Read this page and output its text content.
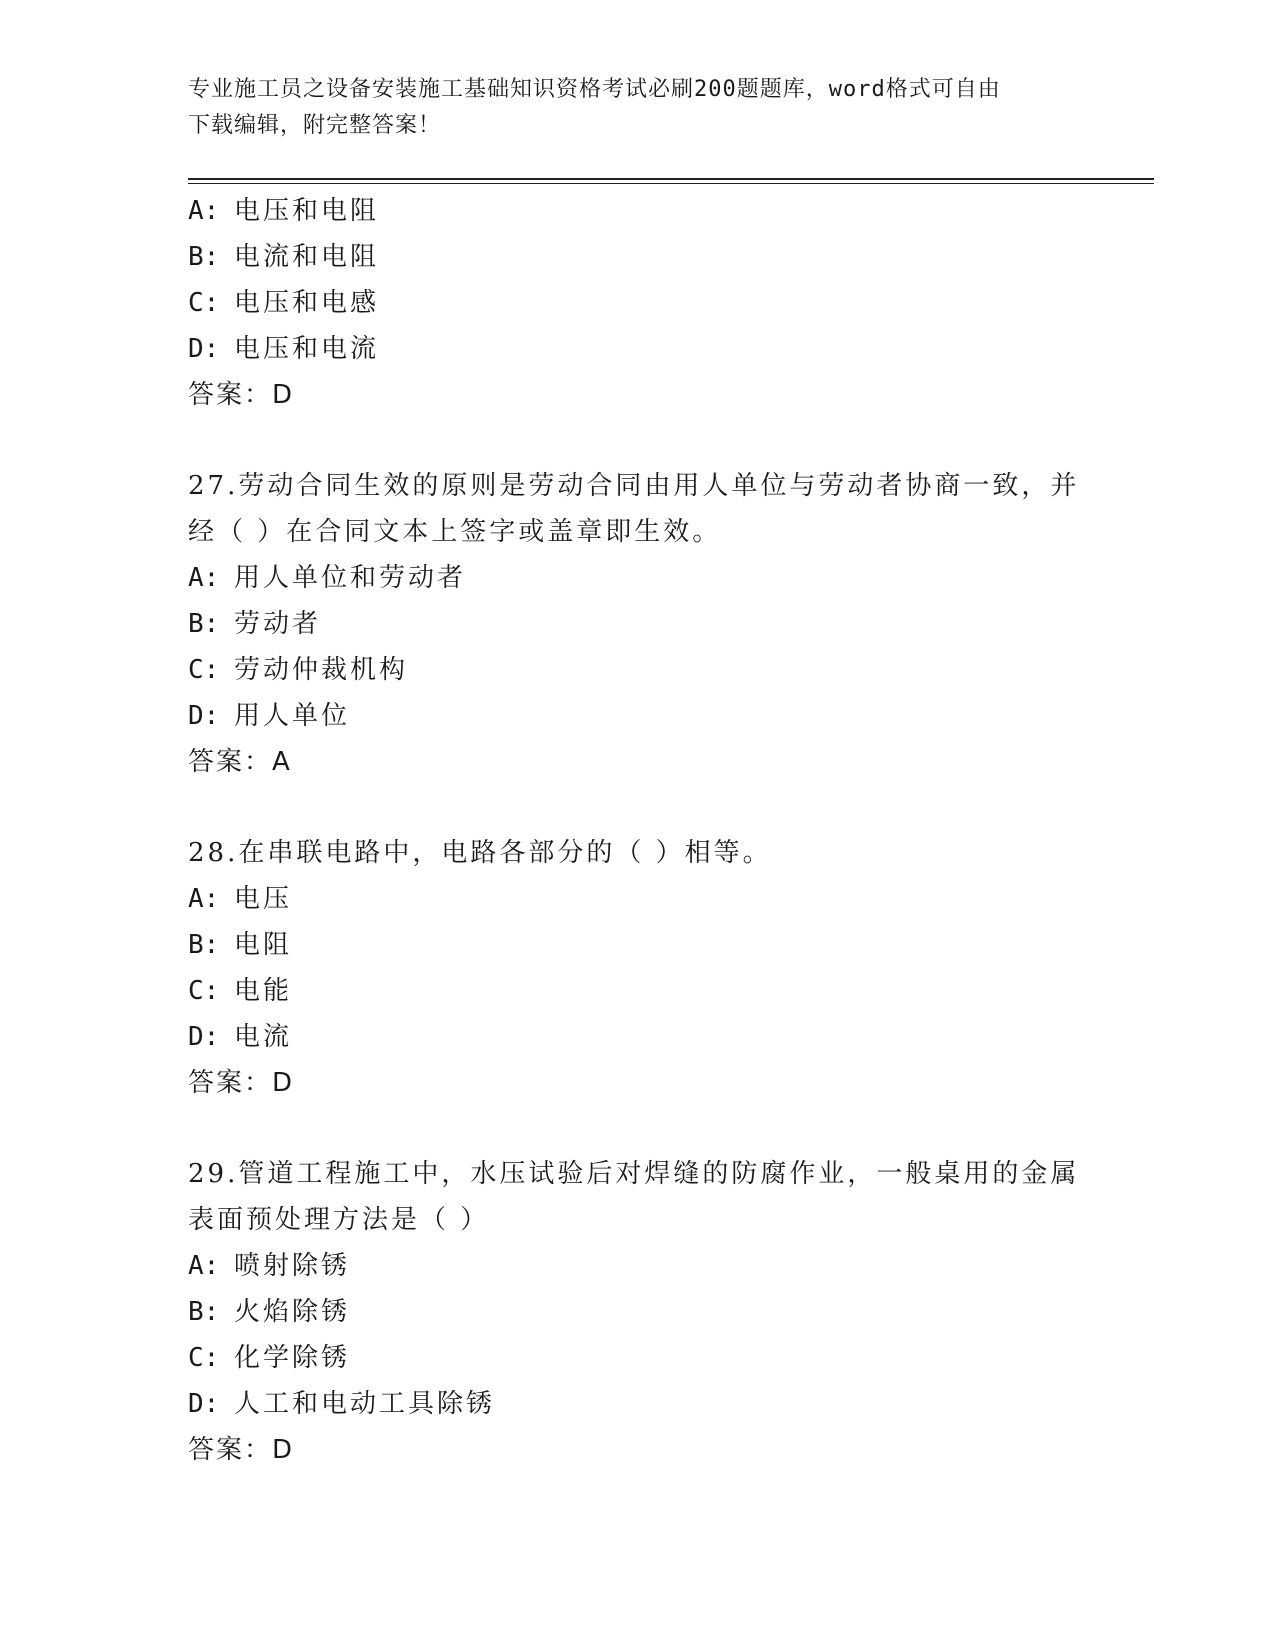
专业施工员之设备安装施工基础知识资格考试必刷200题题库，word格式可自由
下载编辑，附完整答案！
A: 电压和电阻
B: 电流和电阻
C: 电压和电感
D: 电压和电流
答案：D
27.劳动合同生效的原则是劳动合同由用人单位与劳动者协商一致，并
经（ ）在合同文本上签字或盖章即生效。
A: 用人单位和劳动者
B: 劳动者
C: 劳动仲裁机构
D: 用人单位
答案：A
28.在串联电路中，电路各部分的（ ）相等。
A: 电压
B: 电阻
C: 电能
D: 电流
答案：D
29.管道工程施工中，水压试验后对焊缝的防腐作业，一般桌用的金属
表面预处理方法是（ ）
A: 喷射除锈
B: 火焰除锈
C: 化学除锈
D: 人工和电动工具除锈
答案：D
